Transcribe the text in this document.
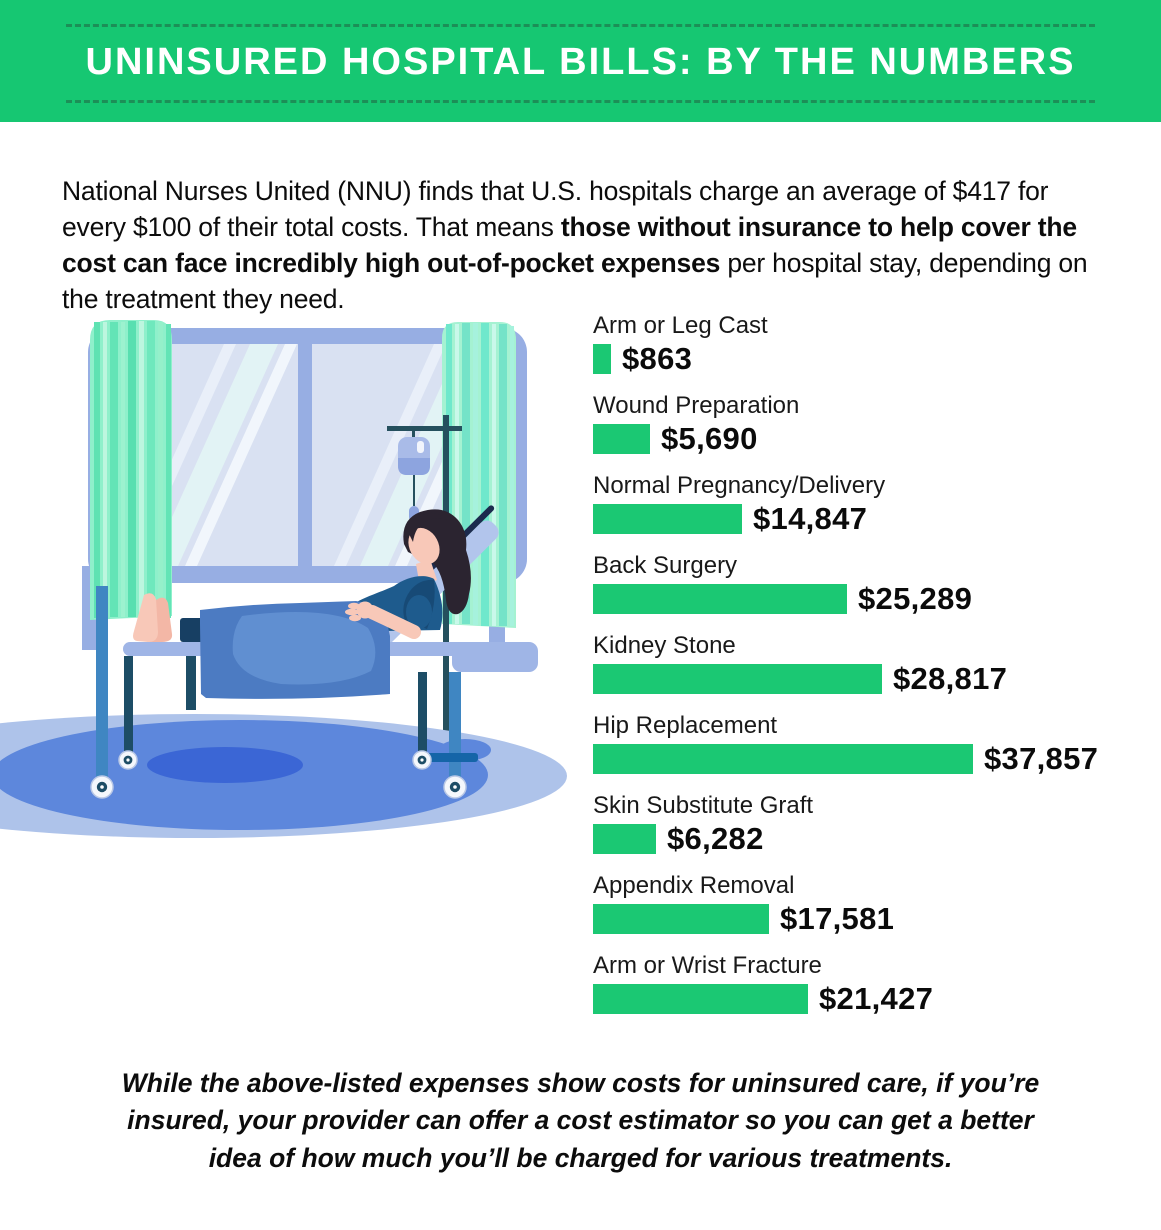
UNINSURED HOSPITAL BILLS: BY THE NUMBERS

National Nurses United (NNU) finds that U.S. hospitals charge an average of $417 for every $100 of their total costs. That means those without insurance to help cover the cost can face incredibly high out-of-pocket expenses per hospital stay, depending on the treatment they need.

Arm or Leg Cast
$863
Wound Preparation
$5,690
Normal Pregnancy/Delivery
$14,847
Back Surgery
$25,289
Kidney Stone
$28,817
Hip Replacement
$37,857
Skin Substitute Graft
$6,282
Appendix Removal
$17,581
Arm or Wrist Fracture
$21,427

While the above-listed expenses show costs for uninsured care, if you’re insured, your provider can offer a cost estimator so you can get a better idea of how much you’ll be charged for various treatments.
